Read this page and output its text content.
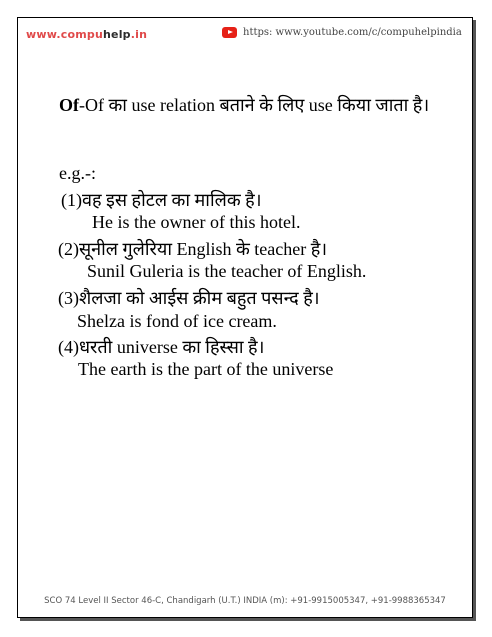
www.compuhelp.in	https: www.youtube.com/c/compuhelpindia
Of-Of का use relation बताने के लिए use किया जाता है।
e.g.-:
(1)वह इस होटल का मालिक है।
He is the owner of this hotel.
(2)सूनील गुलेरिया English के teacher है।
Sunil Guleria is the teacher of English.
(3)शैलजा को आईस क्रीम बहुत पसन्द है।
Shelza is fond of ice cream.
(4)धरती universe का हिस्सा है।
The earth is the part of the universe
SCO 74 Level II Sector 46-C, Chandigarh (U.T.) INDIA (m): +91-9915005347, +91-9988365347
